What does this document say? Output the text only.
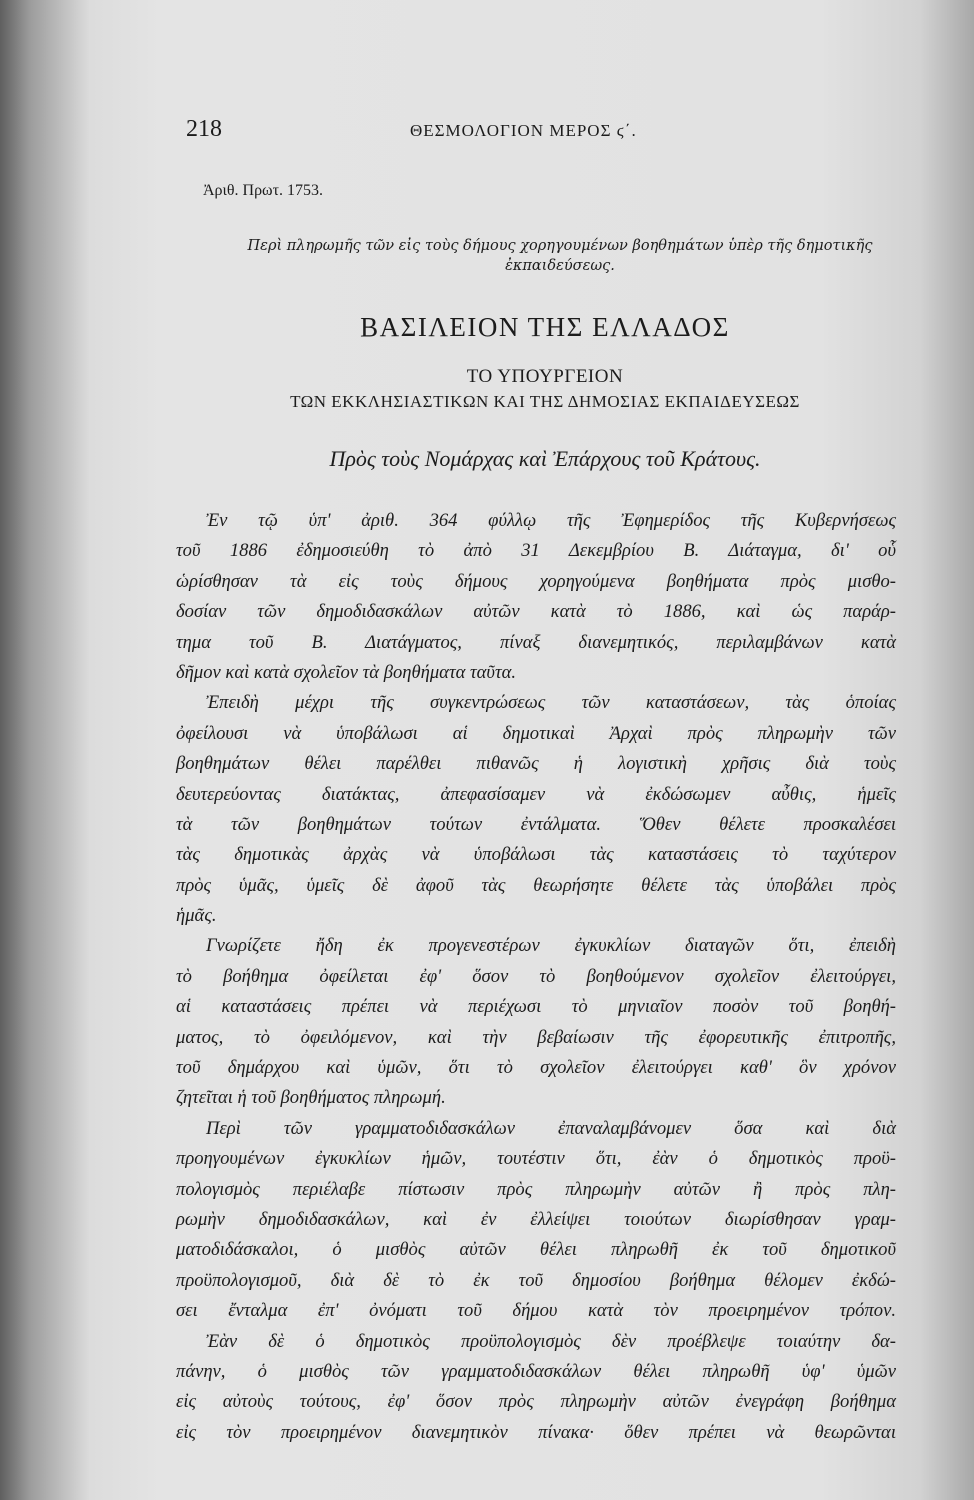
218	ΘΕΣΜΟΛΟΓΙΟΝ ΜΕΡΟΣ ϛ΄.
Ἀριθ. Πρωτ. 1753.
Περὶ πληρωμῆς τῶν εἰς τοὺς δήμους χορηγουμένων βοηθημάτων ὑπὲρ τῆς δημοτικῆς ἐκπαιδεύσεως.
ΒΑΣΙΛΕΙΟΝ ΤΗΣ ΕΛΛΑΔΟΣ
ΤΟ ΥΠΟΥΡΓΕΙΟΝ
ΤΩΝ ΕΚΚΛΗΣΙΑΣΤΙΚΩΝ ΚΑΙ ΤΗΣ ΔΗΜΟΣΙΑΣ ΕΚΠΑΙΔΕΥΣΕΩΣ
Πρὸς τοὺς Νομάρχας καὶ Ἐπάρχους τοῦ Κράτους.
Ἐν τῷ ὑπ' ἀριθ. 364 φύλλῳ τῆς Ἐφημερίδος τῆς Κυβερνήσεως
τοῦ 1886 ἐδημοσιεύθη τὸ ἀπὸ 31 Δεκεμβρίου Β. Διάταγμα, δι' οὗ
ὡρίσθησαν τὰ εἰς τοὺς δήμους χορηγούμενα βοηθήματα πρὸς μισθο-
δοσίαν τῶν δημοδιδασκάλων αὐτῶν κατὰ τὸ 1886, καὶ ὡς παράρ-
τημα τοῦ Β. Διατάγματος, πίναξ διανεμητικός, περιλαμβάνων κατὰ
δῆμον καὶ κατὰ σχολεῖον τὰ βοηθήματα ταῦτα.
Ἐπειδὴ μέχρι τῆς συγκεντρώσεως τῶν καταστάσεων, τὰς ὁποίας
ὀφείλουσι νὰ ὑποβάλωσι αἱ δημοτικαὶ Ἀρχαὶ πρὸς πληρωμὴν τῶν
βοηθημάτων θέλει παρέλθει πιθανῶς ἡ λογιστικὴ χρῆσις διὰ τοὺς
δευτερεύοντας διατάκτας, ἀπεφασίσαμεν νὰ ἐκδώσωμεν αὖθις, ἡμεῖς
τὰ τῶν βοηθημάτων τούτων ἐντάλματα. Ὅθεν θέλετε προσκαλέσει
τὰς δημοτικὰς ἀρχὰς νὰ ὑποβάλωσι τὰς καταστάσεις τὸ ταχύτερον
πρὸς ὑμᾶς, ὑμεῖς δὲ ἀφοῦ τὰς θεωρήσητε θέλετε τὰς ὑποβάλει πρὸς
ἡμᾶς.
Γνωρίζετε ἤδη ἐκ προγενεστέρων ἐγκυκλίων διαταγῶν ὅτι, ἐπειδὴ
τὸ βοήθημα ὀφείλεται ἐφ' ὅσον τὸ βοηθούμενον σχολεῖον ἐλειτούργει,
αἱ καταστάσεις πρέπει νὰ περιέχωσι τὸ μηνιαῖον ποσὸν τοῦ βοηθή-
ματος, τὸ ὀφειλόμενον, καὶ τὴν βεβαίωσιν τῆς ἐφορευτικῆς ἐπιτροπῆς,
τοῦ δημάρχου καὶ ὑμῶν, ὅτι τὸ σχολεῖον ἐλειτούργει καθ' ὃν χρόνον
ζητεῖται ἡ τοῦ βοηθήματος πληρωμή.
Περὶ τῶν γραμματοδιδασκάλων ἐπαναλαμβάνομεν ὅσα καὶ διὰ
προηγουμένων ἐγκυκλίων ἡμῶν, τουτέστιν ὅτι, ἐὰν ὁ δημοτικὸς προϋ-
πολογισμὸς περιέλαβε πίστωσιν πρὸς πληρωμὴν αὐτῶν ἢ πρὸς πλη-
ρωμὴν δημοδιδασκάλων, καὶ ἐν ἐλλείψει τοιούτων διωρίσθησαν γραμ-
ματοδιδάσκαλοι, ὁ μισθὸς αὐτῶν θέλει πληρωθῆ ἐκ τοῦ δημοτικοῦ
προϋπολογισμοῦ, διὰ δὲ τὸ ἐκ τοῦ δημοσίου βοήθημα θέλομεν ἐκδώ-
σει ἔνταλμα ἐπ' ὀνόματι τοῦ δήμου κατὰ τὸν προειρημένον τρόπον.
Ἐὰν δὲ ὁ δημοτικὸς προϋπολογισμὸς δὲν προέβλεψε τοιαύτην δα-
πάνην, ὁ μισθὸς τῶν γραμματοδιδασκάλων θέλει πληρωθῆ ὑφ' ὑμῶν
εἰς αὐτοὺς τούτους, ἐφ' ὅσον πρὸς πληρωμὴν αὐτῶν ἐνεγράφη βοήθημα
εἰς τὸν προειρημένον διανεμητικὸν πίνακα· ὅθεν πρέπει νὰ θεωρῶνται
